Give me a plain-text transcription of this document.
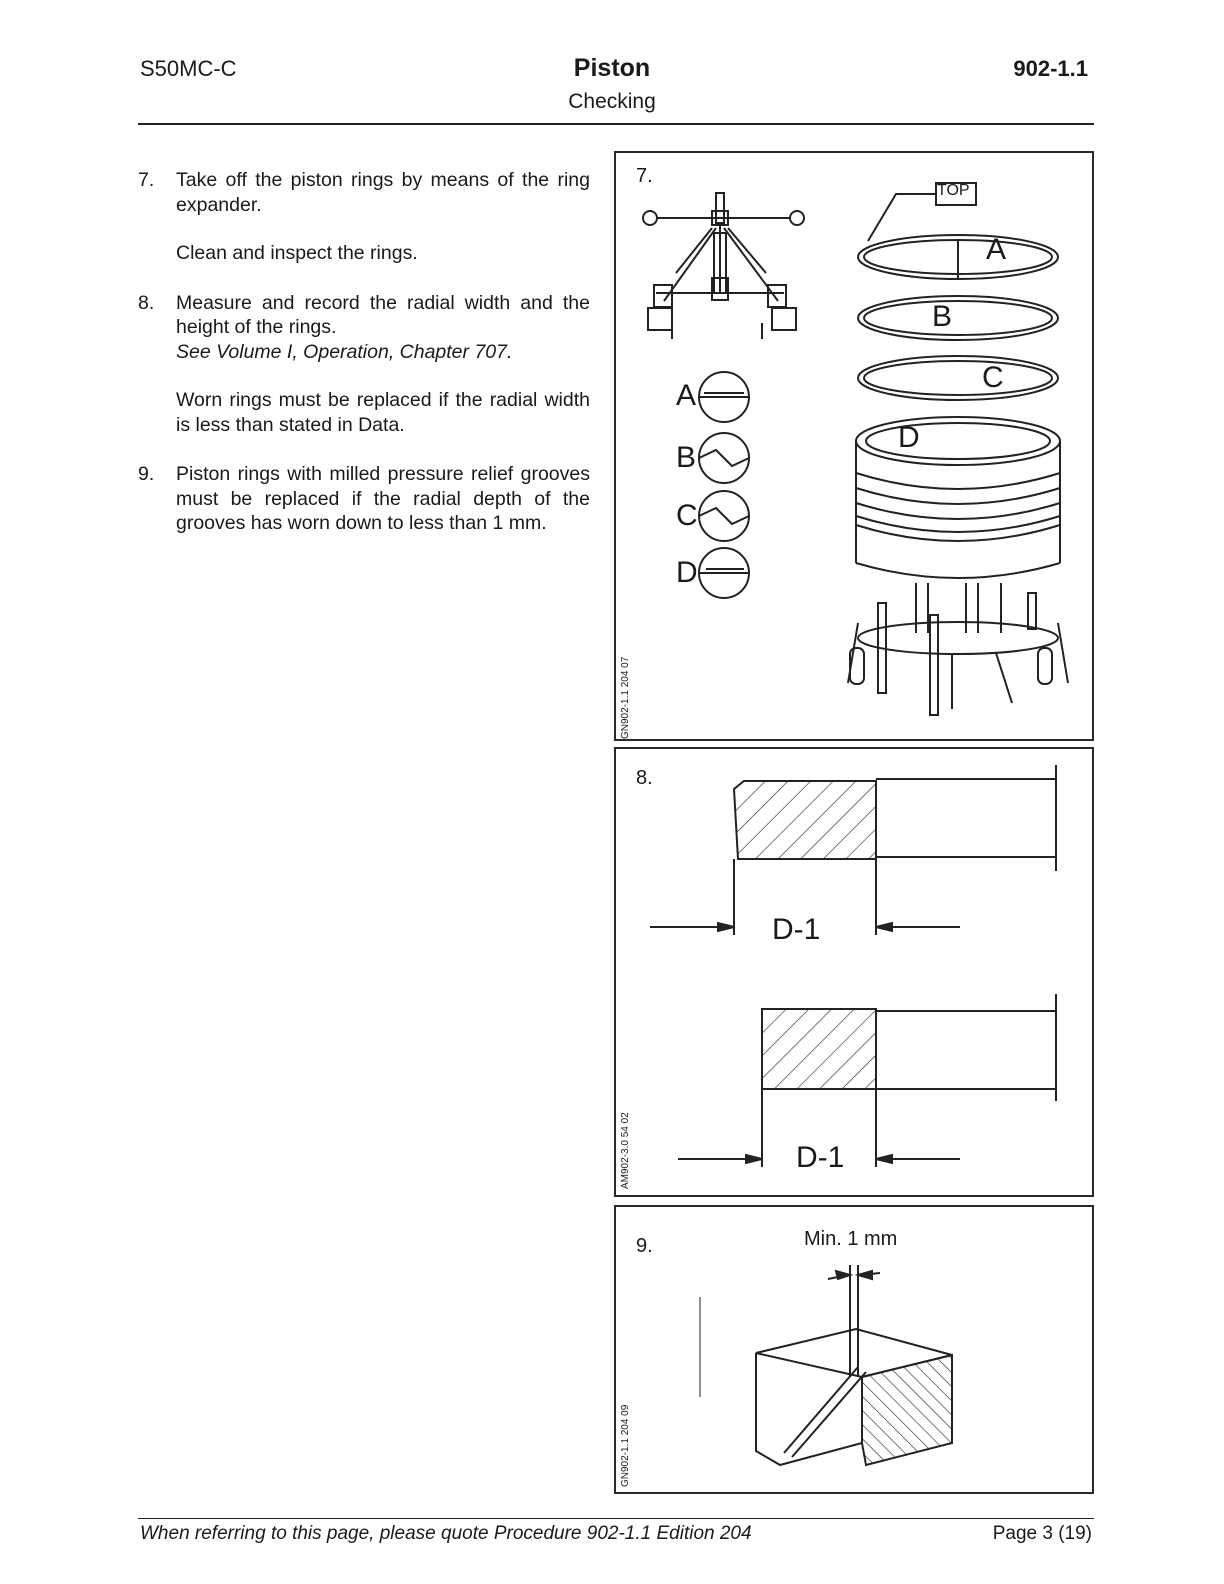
S50MC-C	Piston
Checking
902-1.1
7. Take off the piston rings by means of the ring expander.

Clean and inspect the rings.

8. Measure and record the radial width and the height of the rings.

See Volume I, Operation, Chapter 707.

Worn rings must be replaced if the radial width is less than stated in Data.

9. Piston rings with milled pressure relief grooves must be replaced if the radial depth of the grooves has worn down to less than 1 mm.

7.
GN902-1.1 204 07
TOP
A
B
C
D
A
B
C
D
8.
AM902-3.0 54 02
D-1
D-1
9.
GN902-1.1 204 09
Min. 1 mm
When referring to this page, please quote Procedure 902-1.1 Edition 204	Page 3 (19)
